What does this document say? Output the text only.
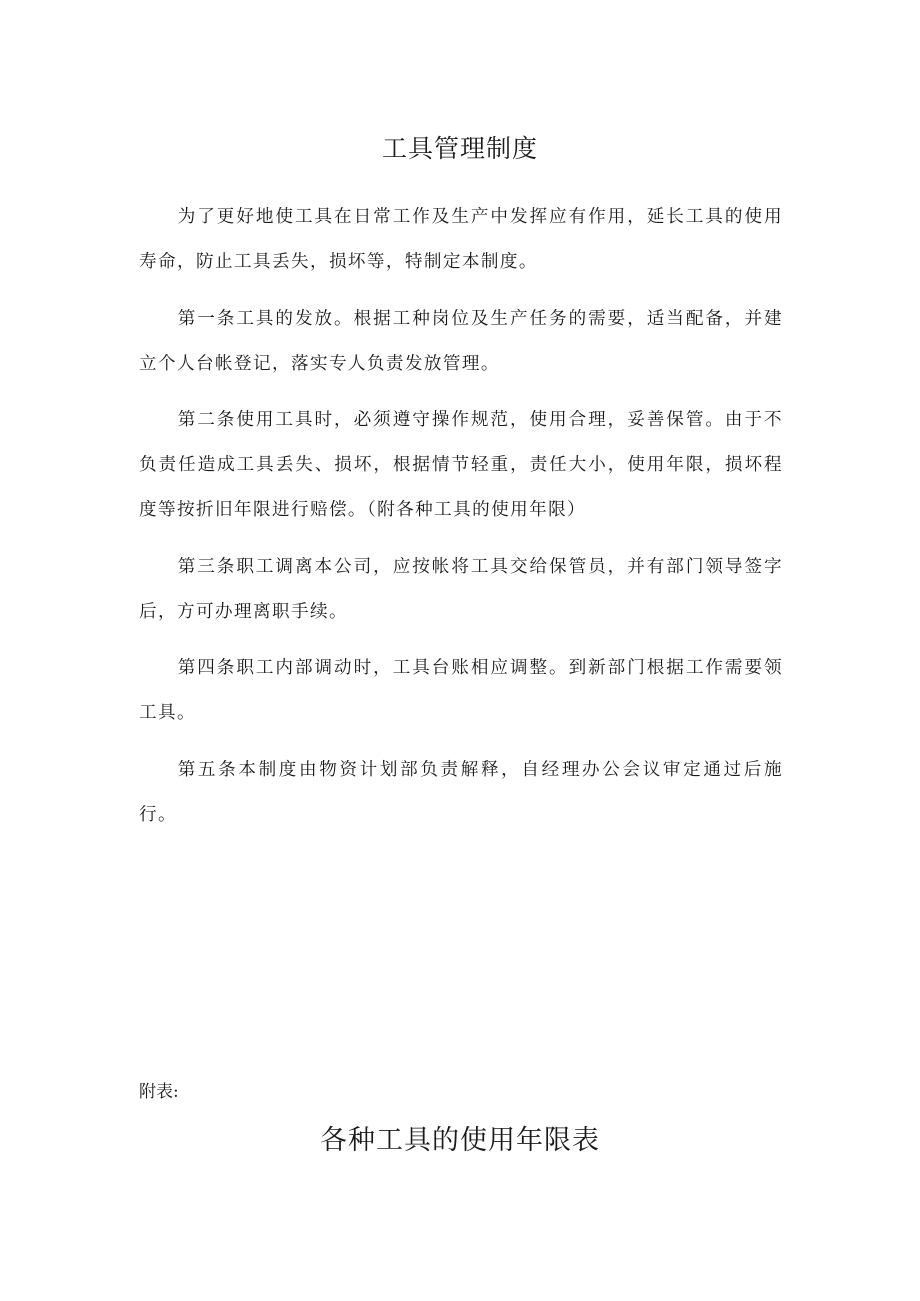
工具管理制度

为了更好地使工具在日常工作及生产中发挥应有作用，延长工具的使用寿命，防止工具丢失，损坏等，特制定本制度。

第一条工具的发放。根据工种岗位及生产任务的需要，适当配备，并建立个人台帐登记，落实专人负责发放管理。

第二条使用工具时，必须遵守操作规范，使用合理，妥善保管。由于不负责任造成工具丢失、损坏，根据情节轻重，责任大小，使用年限，损坏程度等按折旧年限进行赔偿。（附各种工具的使用年限）

第三条职工调离本公司，应按帐将工具交给保管员，并有部门领导签字后，方可办理离职手续。

第四条职工内部调动时，工具台账相应调整。到新部门根据工作需要领工具。

第五条本制度由物资计划部负责解释，自经理办公会议审定通过后施行。

附表:
各种工具的使用年限表
